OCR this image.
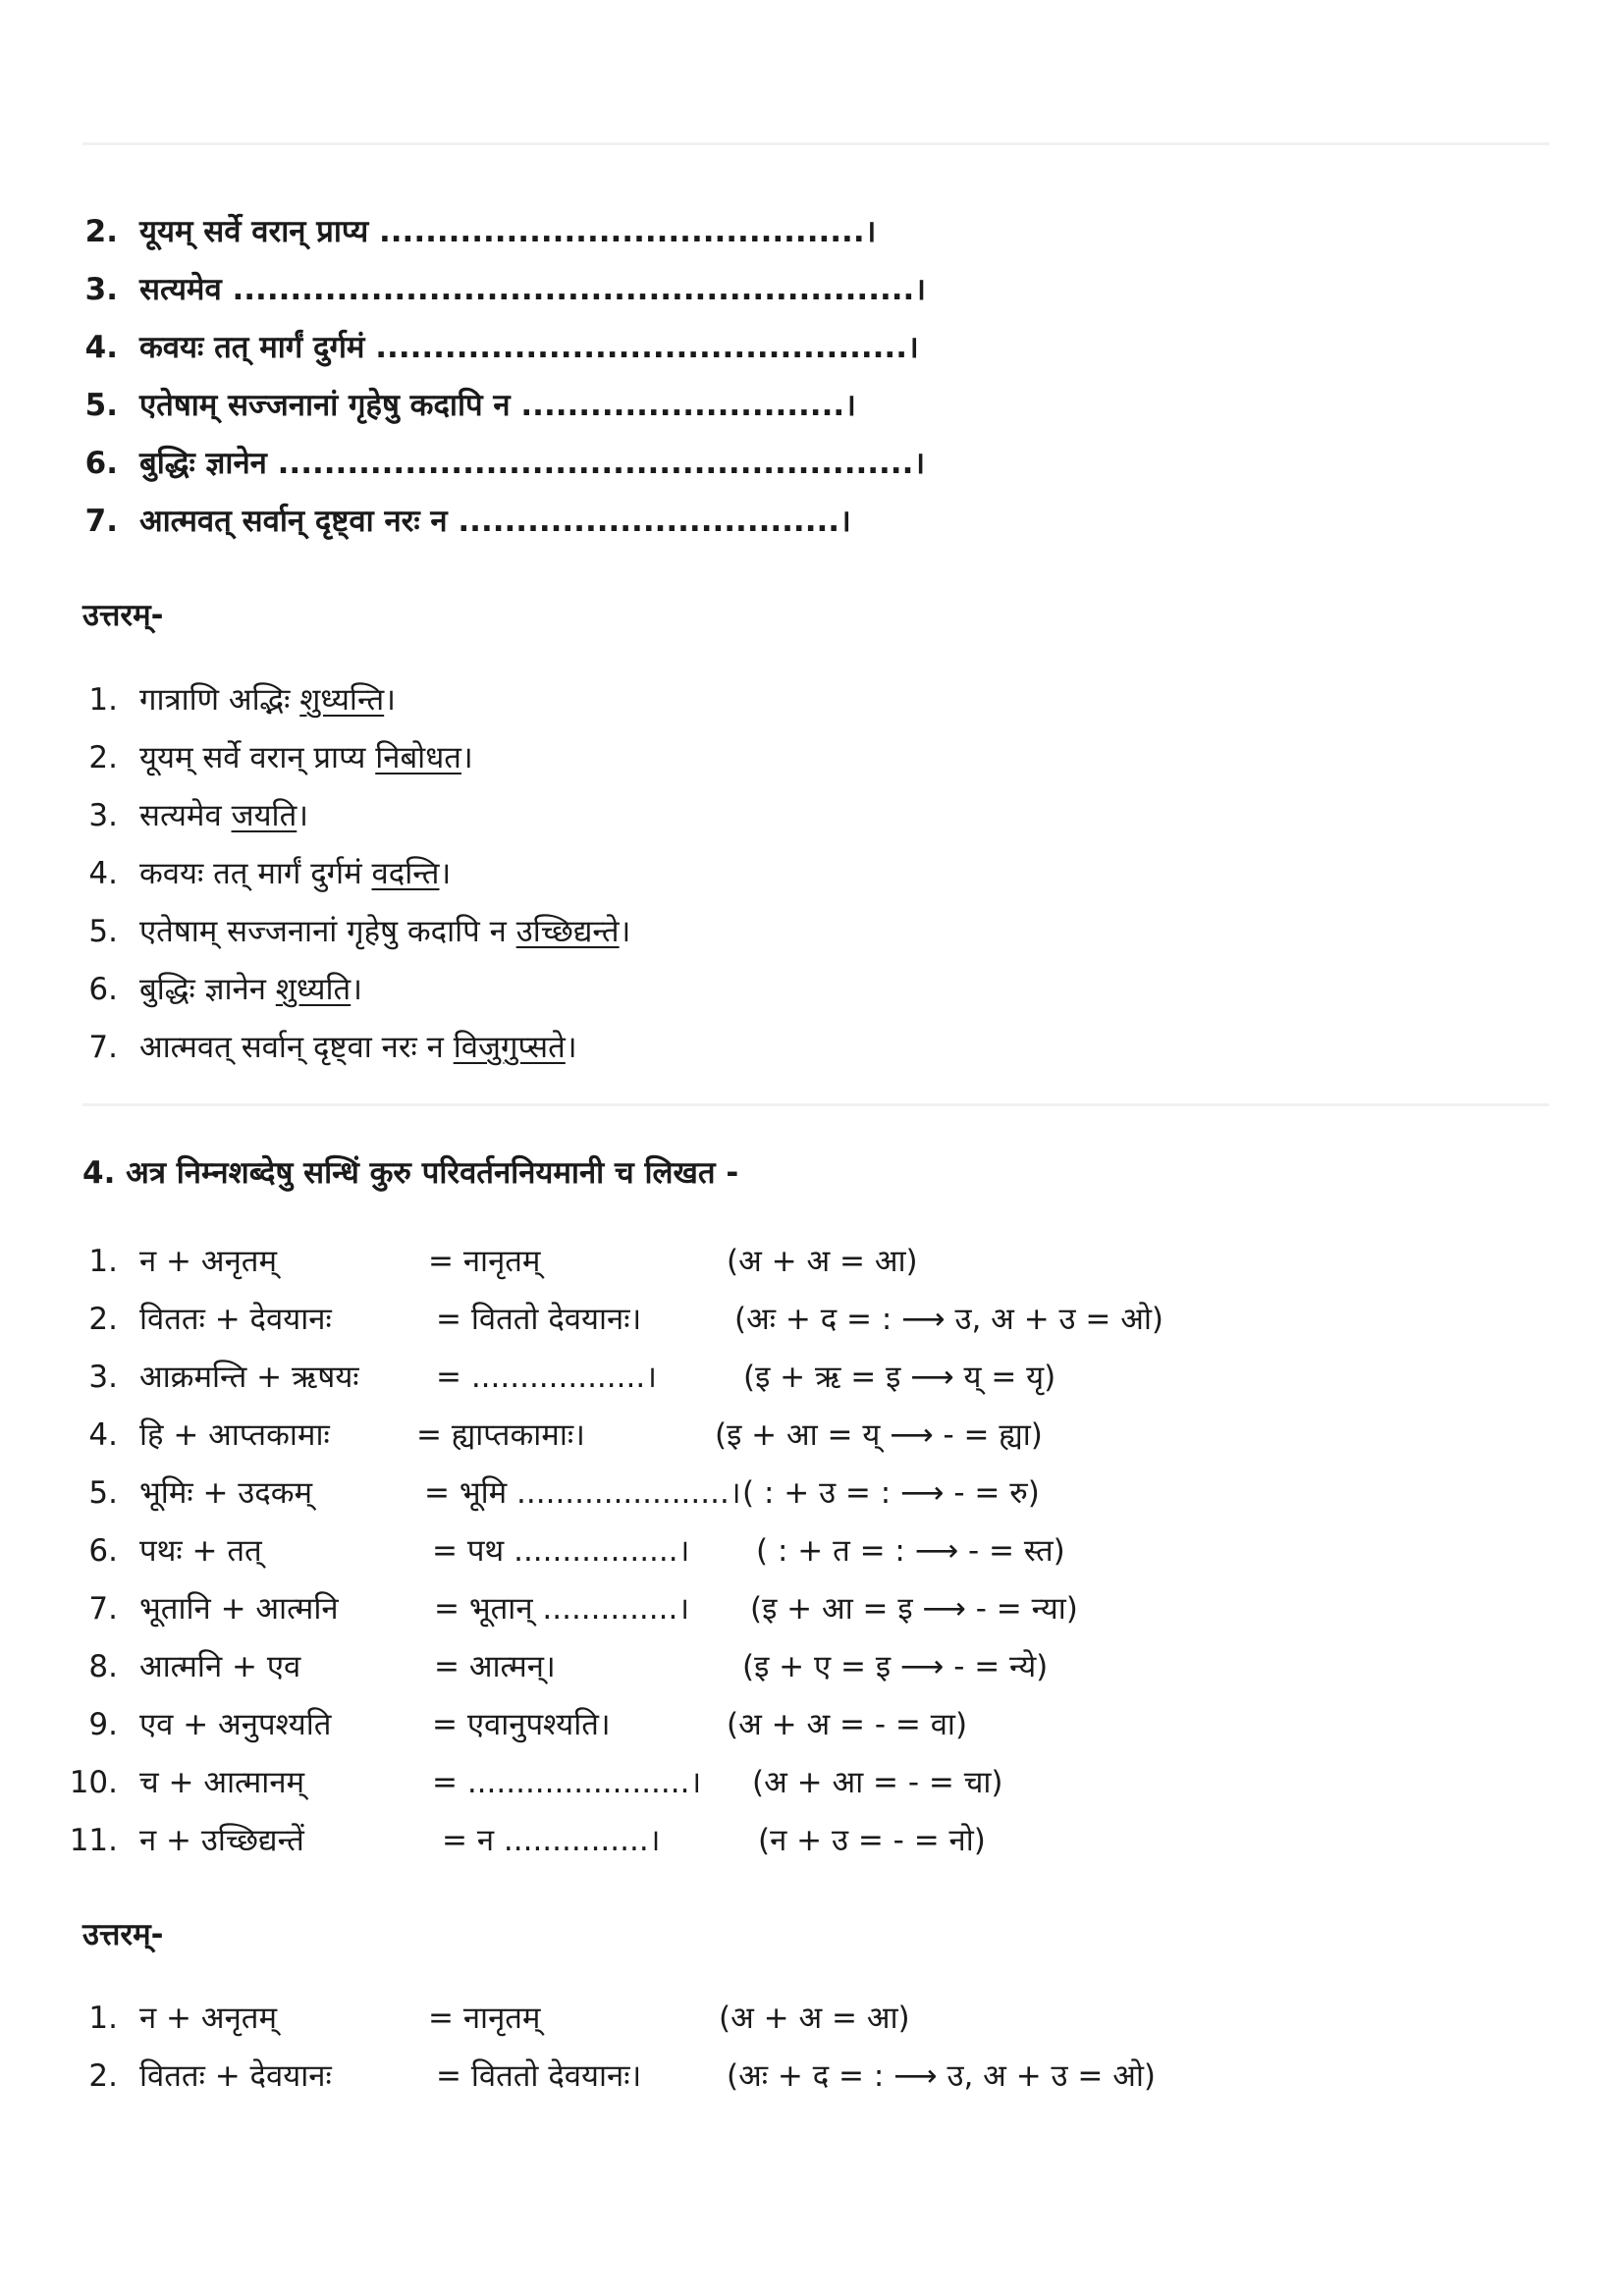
2. यूयम् सर्वे वरान् प्राप्य ..........................................।
3. सत्यमेव ...........................................................।
4. कवयः तत् मार्गं दुर्गमं ..............................................।
5. एतेषाम् सज्जनानां गृहेषु कदापि न ............................।
6. बुद्धिः ज्ञानेन .......................................................।
7. आत्मवत् सर्वान् दृष्ट्वा नरः न .................................।
उत्तरम्-
1. गात्राणि अद्भिः शुध्यन्ति।
2. यूयम् सर्वे वरान् प्राप्य निबोधत।
3. सत्यमेव जयति।
4. कवयः तत् मार्गं दुर्गमं वदन्ति।
5. एतेषाम् सज्जनानां गृहेषु कदापि न उच्छिद्यन्ते।
6. बुद्धिः ज्ञानेन शुध्यति।
7. आत्मवत् सर्वान् दृष्ट्वा नरः न विजुगुप्सते।
4. अत्र निम्नशब्देषु सन्धिं कुरु परिवर्तननियमानी च लिखत -
1. न + अनृतम्	= नानृतम्	(अ + अ = आ)
2. विततः + देवयानः	= विततो देवयानः।	(अः + द = : ⟶ उ, अ + उ = ओ)
3. आक्रमन्ति + ऋषयः	= ..................।	(इ + ऋ = इ ⟶ य् = यृ)
4. हि + आप्तकामाः	= ह्याप्तकामाः।	(इ + आ = य् ⟶ - = ह्या)
5. भूमिः + उदकम्	= भूमि ......................। ( : + उ = : ⟶ - = रु)
6. पथः + तत्	= पथ .................। ( : + त = : ⟶ - = स्त)
7. भूतानि + आत्मनि	= भूतान् ..............। (इ + आ = इ ⟶ - = न्या)
8. आत्मनि + एव	= आत्मन्।	(इ + ए = इ ⟶ - = न्ये)
9. एव + अनुपश्यति	= एवानुपश्यति।	(अ + अ = - = वा)
10. च + आत्मानम्	= .......................। (अ + आ = - = चा)
11. न + उच्छिद्यन्तें	= न ...............।	(न + उ = - = नो)
उत्तरम्-
1. न + अनृतम्	= नानृतम्	(अ + अ = आ)
2. विततः + देवयानः	= विततो देवयानः।	(अः + द = : ⟶ उ, अ + उ = ओ)
